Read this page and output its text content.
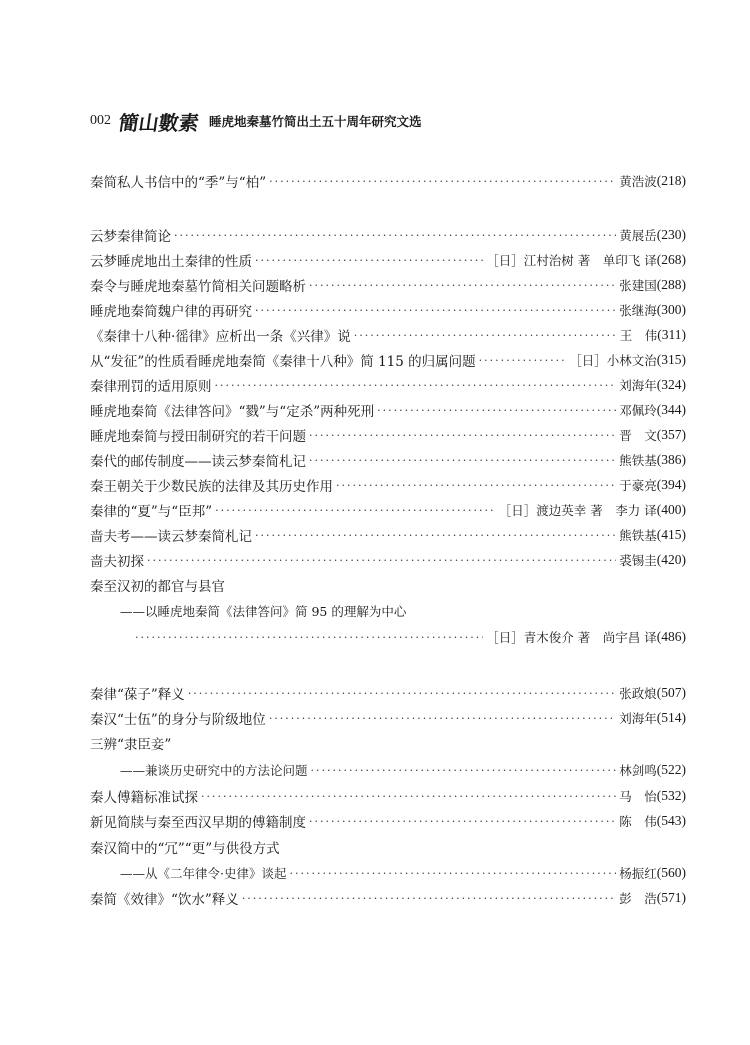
002 簡山數素 睡虎地秦墓竹简出土五十周年研究文选
秦简私人书信中的“季”与“柏” ·····	黄浩波 (218)
云梦秦律简论 ·····	黄展岳 (230)
云梦睡虎地出土秦律的性质 ·····	［日］江村治树 著　单印飞 译 (268)
秦令与睡虎地秦墓竹简相关问题略析 ·····	张建国 (288)
睡虎地秦简魏户律的再研究 ·····	张继海 (300)
《秦律十八种·徭律》应析出一条《兴律》说 ·····	王　伟 (311)
从“发征”的性质看睡虎地秦简《秦律十八种》简 115 的归属问题 ·····	［日］小林文治 (315)
秦律刑罚的适用原则 ·····	刘海年 (324)
睡虎地秦简《法律答问》“戮”与“定杀”两种死刑 ·····	邓佩玲 (344)
睡虎地秦简与授田制研究的若干问题 ·····	晋　文 (357)
秦代的邮传制度——读云梦秦简札记 ·····	熊铁基 (386)
秦王朝关于少数民族的法律及其历史作用 ·····	于豪亮 (394)
秦律的“夏”与“臣邦” ·····	［日］渡边英幸 著　李力 译 (400)
啬夫考——读云梦秦简札记 ·····	熊铁基 (415)
啬夫初探 ·····	裘锡圭 (420)
秦至汉初的都官与县官
——以睡虎地秦简《法律答问》简 95 的理解为中心
·····
［日］青木俊介 著　尚宇昌 译 (486)
秦律“葆子”释义 ·····	张政烺 (507)
秦汉“士伍”的身分与阶级地位 ·····	刘海年 (514)
三辨“隶臣妾”
——兼谈历史研究中的方法论问题 ·····	林剑鸣 (522)
秦人傅籍标准试探 ·····	马　怡 (532)
新见简牍与秦至西汉早期的傅籍制度 ·····	陈　伟 (543)
秦汉简中的“冗”“更”与供役方式
——从《二年律令·史律》谈起 ·····	杨振红 (560)
秦简《效律》“饮水”释义 ·····	彭　浩 (571)
